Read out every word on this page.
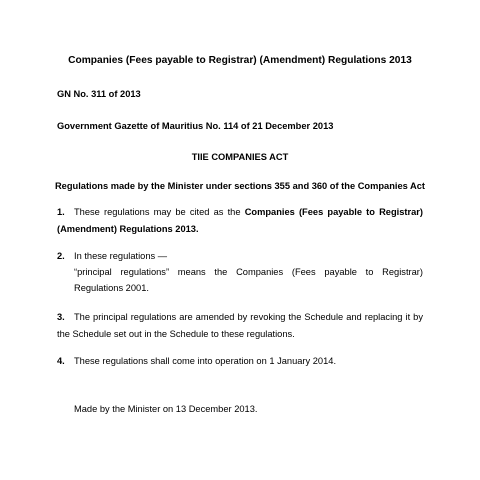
Companies (Fees payable to Registrar) (Amendment) Regulations 2013
GN No. 311 of 2013
Government Gazette of Mauritius No. 114 of 21 December 2013
TIIE COMPANIES ACT
Regulations made by the Minister under sections 355 and 360 of the Companies Act
1. These regulations may be cited as the Companies (Fees payable to Registrar) (Amendment) Regulations 2013.
2. In these regulations —
“principal regulations” means the Companies (Fees payable to Registrar) Regulations 2001.
3. The principal regulations are amended by revoking the Schedule and replacing it by the Schedule set out in the Schedule to these regulations.
4. These regulations shall come into operation on 1 January 2014.
Made by the Minister on 13 December 2013.
